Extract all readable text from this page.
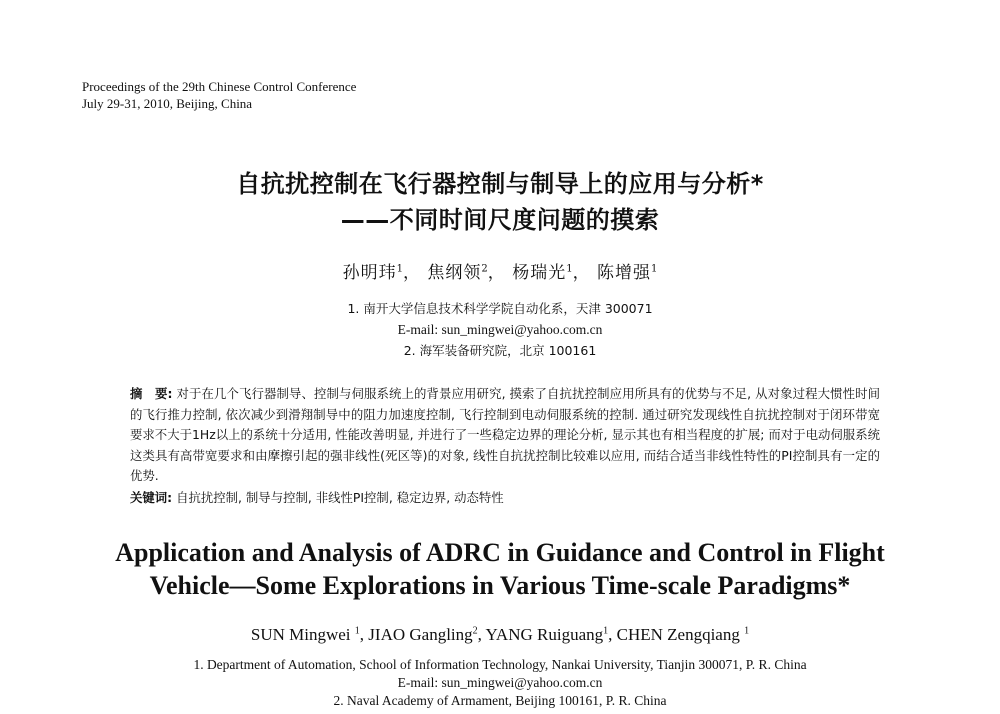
Proceedings of the 29th Chinese Control Conference
July 29-31, 2010, Beijing, China
自抗扰控制在飞行器控制与制导上的应用与分析*
——不同时间尺度问题的摸索
孙明玮$^1$， 焦纲领$^2$， 杨瑞光$^1$， 陈增强$^1$
1. 南开大学信息技术科学学院自动化系，天津 300071
E-mail: sun_mingwei@yahoo.com.cn
2. 海军装备研究院，北京 100161
摘　要: 对于在几个飞行器制导、控制与伺服系统上的背景应用研究, 摸索了自抗扰控制应用所具有的优势与不足, 从对象过程大惯性时间的飞行推力控制, 依次减少到滑翔制导中的阻力加速度控制, 飞行控制到电动伺服系统的控制. 通过研究发现线性自抗扰控制对于闭环带宽要求不大于1Hz以上的系统十分适用, 性能改善明显, 并进行了一些稳定边界的理论分析, 显示其也有相当程度的扩展; 而对于电动伺服系统这类具有高带宽要求和由摩擦引起的强非线性(死区等)的对象, 线性自抗扰控制比较难以应用, 而结合适当非线性特性的PI控制具有一定的优势.
关键词: 自抗扰控制, 制导与控制, 非线性PI控制, 稳定边界, 动态特性
Application and Analysis of ADRC in Guidance and Control in Flight
Vehicle—Some Explorations in Various Time-scale Paradigms*
SUN Mingwei $^1$, JIAO Gangling$^2$, YANG Ruiguang$^1$, CHEN Zengqiang $^1$
1. Department of Automation, School of Information Technology, Nankai University, Tianjin 300071, P. R. China
E-mail: sun_mingwei@yahoo.com.cn
2. Naval Academy of Armament, Beijing 100161, P. R. China
